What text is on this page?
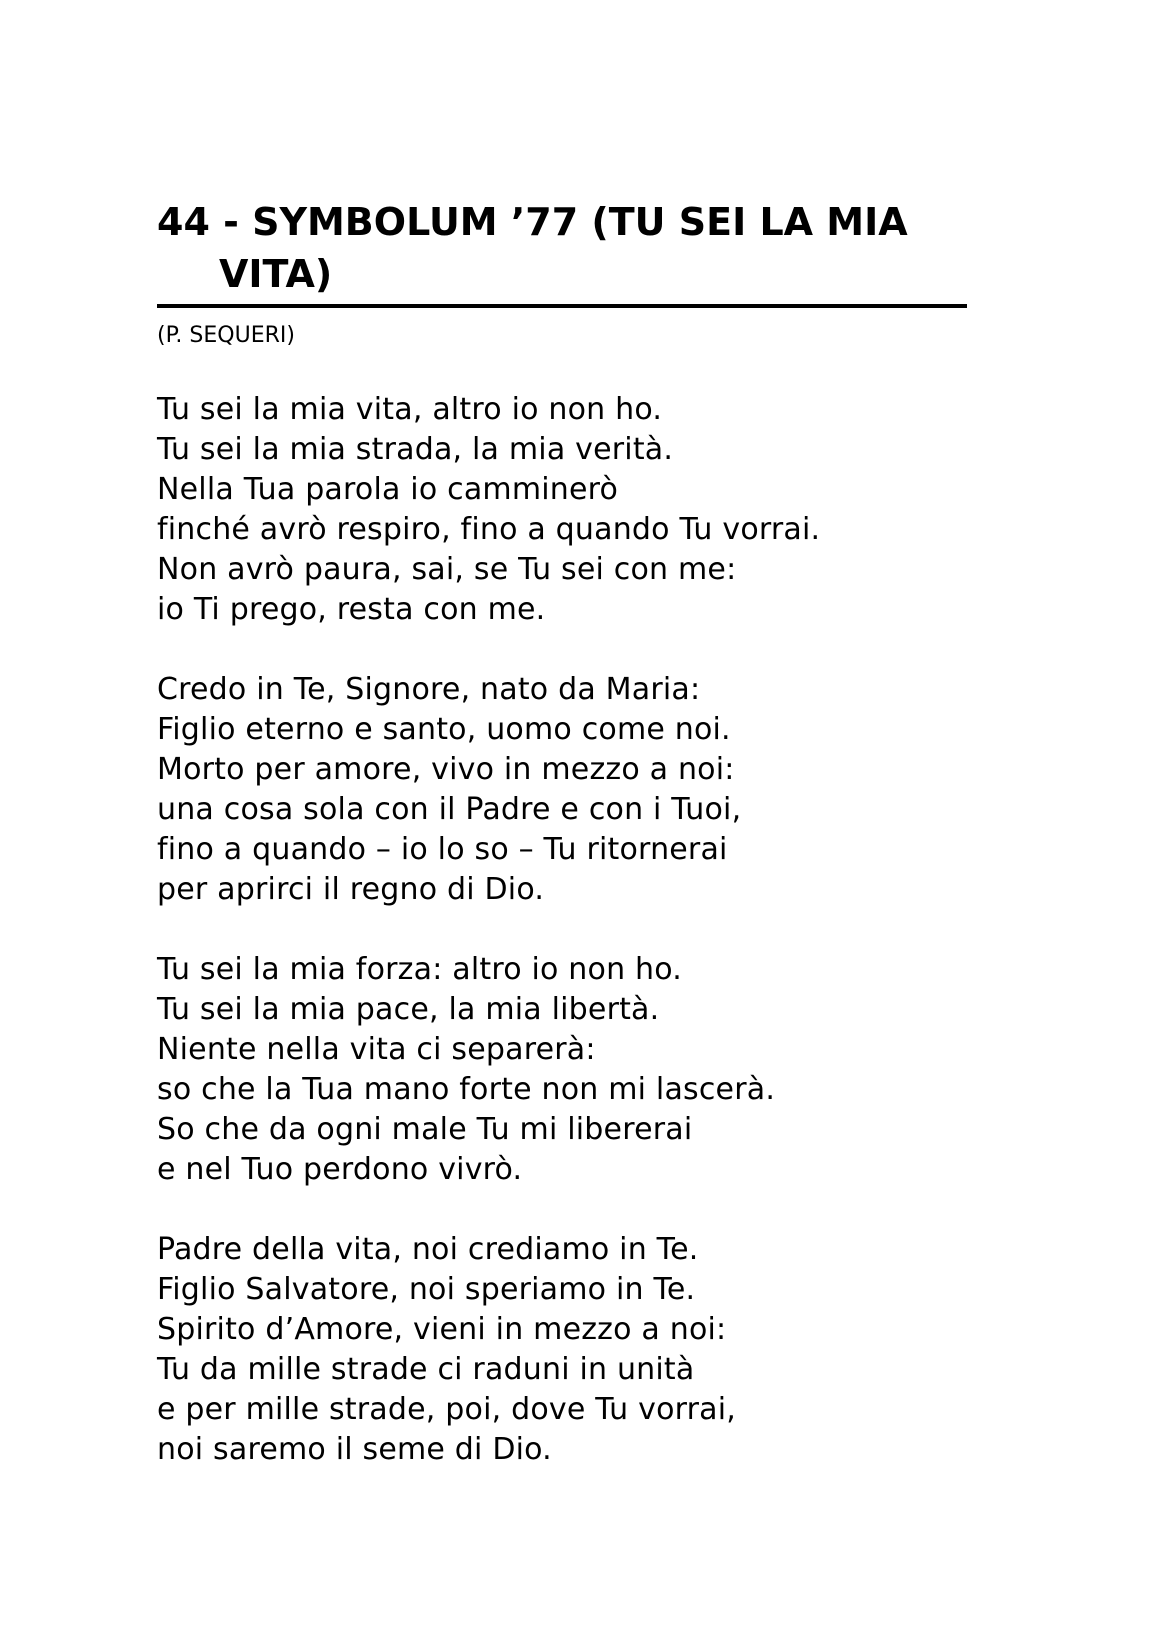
44 - SYMBOLUM ’77 (TU SEI LA MIA VITA)
(P. SEQUERI)
Tu sei la mia vita, altro io non ho.
Tu sei la mia strada, la mia verità.
Nella Tua parola io camminerò
finché avrò respiro, fino a quando Tu vorrai.
Non avrò paura, sai, se Tu sei con me:
io Ti prego, resta con me.
Credo in Te, Signore, nato da Maria:
Figlio eterno e santo, uomo come noi.
Morto per amore, vivo in mezzo a noi:
una cosa sola con il Padre e con i Tuoi,
fino a quando – io lo so – Tu ritornerai
per aprirci il regno di Dio.
Tu sei la mia forza: altro io non ho.
Tu sei la mia pace, la mia libertà.
Niente nella vita ci separerà:
so che la Tua mano forte non mi lascerà.
So che da ogni male Tu mi libererai
e nel Tuo perdono vivrò.
Padre della vita, noi crediamo in Te.
Figlio Salvatore, noi speriamo in Te.
Spirito d’Amore, vieni in mezzo a noi:
Tu da mille strade ci raduni in unità
e per mille strade, poi, dove Tu vorrai,
noi saremo il seme di Dio.
